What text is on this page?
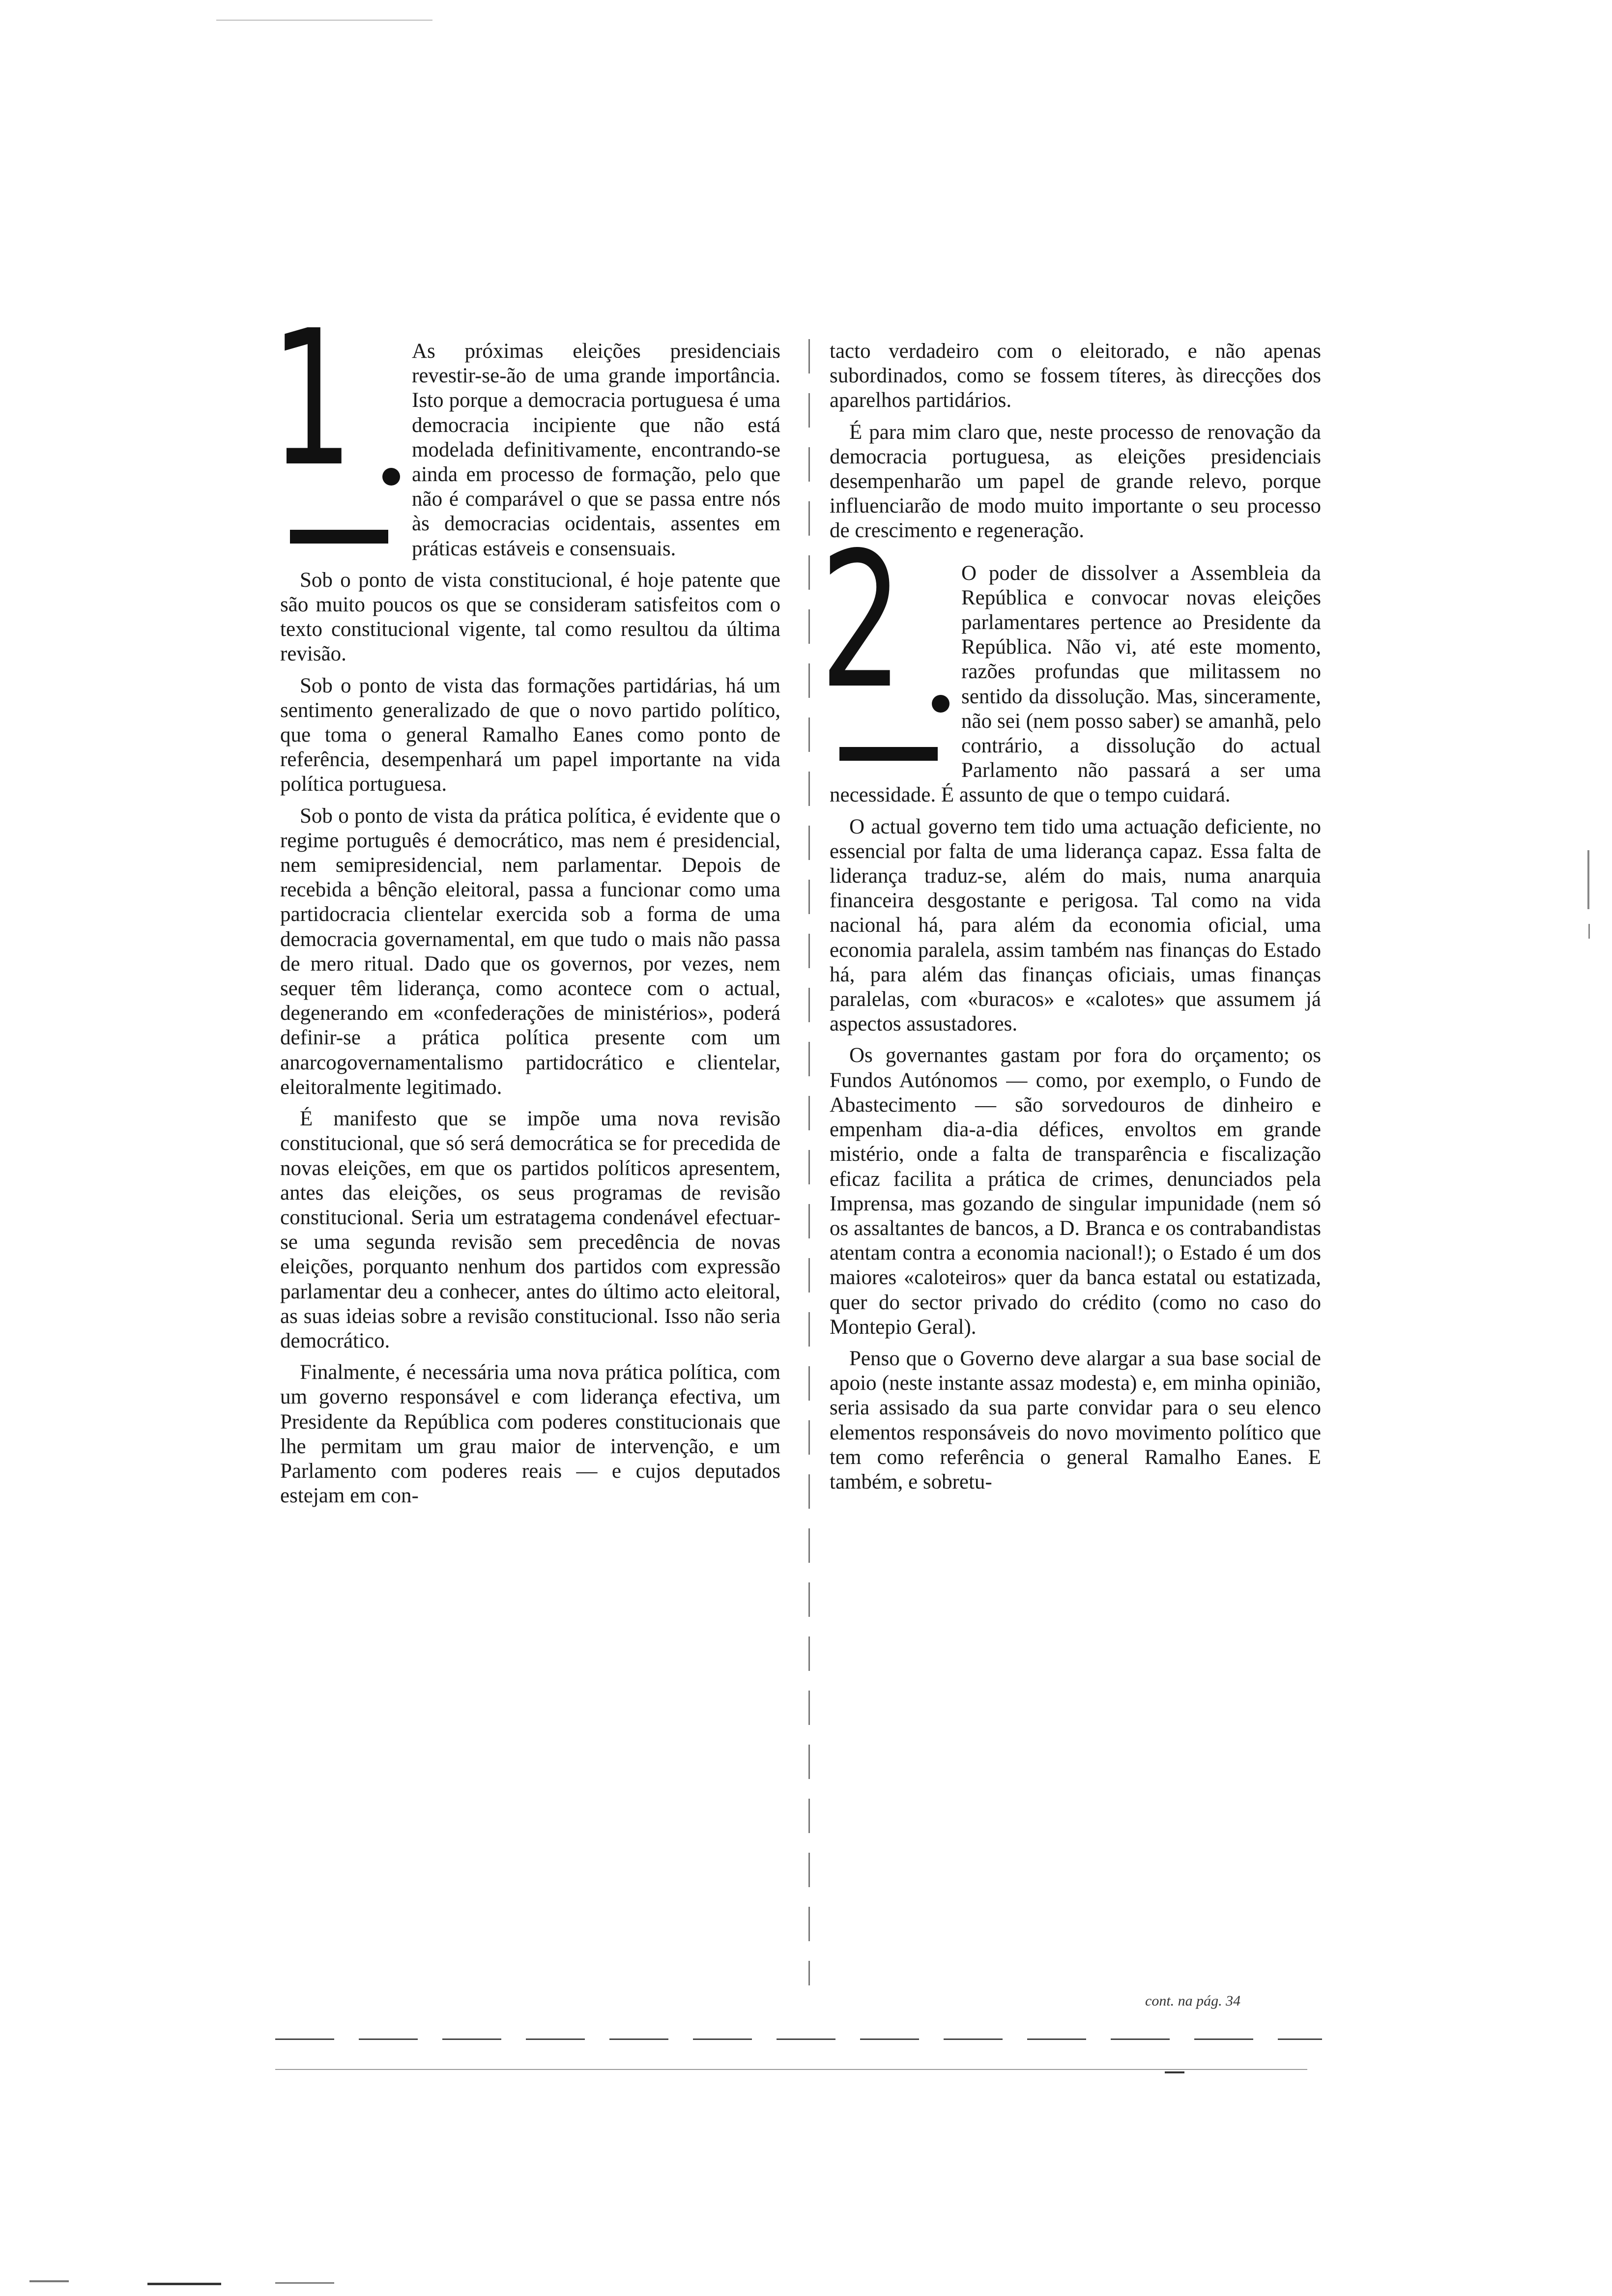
1	As próximas eleições presidenciais revestir-se-ão de uma grande importância. Isto porque a democracia portuguesa é uma democracia incipiente que não está modelada definitivamente, encontrando-se ainda em processo de formação, pelo que não é comparável o que se passa entre nós às democracias ocidentais, assentes em práticas estáveis e consensuais.

Sob o ponto de vista constitucional, é hoje patente que são muito poucos os que se consideram satisfeitos com o texto constitucional vigente, tal como resultou da última revisão.

Sob o ponto de vista das formações partidárias, há um sentimento generalizado de que o novo partido político, que toma o general Ramalho Eanes como ponto de referência, desempenhará um papel importante na vida política portuguesa.

Sob o ponto de vista da prática política, é evidente que o regime português é democrático, mas nem é presidencial, nem semipresidencial, nem parlamentar. Depois de recebida a bênção eleitoral, passa a funcionar como uma partidocracia clientelar exercida sob a forma de uma democracia governamental, em que tudo o mais não passa de mero ritual. Dado que os governos, por vezes, nem sequer têm liderança, como acontece com o actual, degenerando em «confederações de ministérios», poderá definir-se a prática política presente com um anarcogovernamentalismo partidocrático e clientelar, eleitoralmente legitimado.

É manifesto que se impõe uma nova revisão constitucional, que só será democrática se for precedida de novas eleições, em que os partidos políticos apresentem, antes das eleições, os seus programas de revisão constitucional. Seria um estratagema condenável efectuar-se uma segunda revisão sem precedência de novas eleições, porquanto nenhum dos partidos com expressão parlamentar deu a conhecer, antes do último acto eleitoral, as suas ideias sobre a revisão constitucional. Isso não seria democrático.

Finalmente, é necessária uma nova prática política, com um governo responsável e com liderança efectiva, um Presidente da República com poderes constitucionais que lhe permitam um grau maior de intervenção, e um Parlamento com poderes reais — e cujos deputados estejam em con-

tacto verdadeiro com o eleitorado, e não apenas subordinados, como se fossem títeres, às direcções dos aparelhos partidários.

É para mim claro que, neste processo de renovação da democracia portuguesa, as eleições presidenciais desempenharão um papel de grande relevo, porque influenciarão de modo muito importante o seu processo de crescimento e regeneração.

2	O poder de dissolver a Assembleia da República e convocar novas eleições parlamentares pertence ao Presidente da República. Não vi, até este momento, razões profundas que militassem no sentido da dissolução. Mas, sinceramente, não sei (nem posso saber) se amanhã, pelo contrário, a dissolução do actual Parlamento não passará a ser uma necessidade. É assunto de que o tempo cuidará.

O actual governo tem tido uma actuação deficiente, no essencial por falta de uma liderança capaz. Essa falta de liderança traduz-se, além do mais, numa anarquia financeira desgostante e perigosa. Tal como na vida nacional há, para além da economia oficial, uma economia paralela, assim também nas finanças do Estado há, para além das finanças oficiais, umas finanças paralelas, com «buracos» e «calotes» que assumem já aspectos assustadores.

Os governantes gastam por fora do orçamento; os Fundos Autónomos — como, por exemplo, o Fundo de Abastecimento — são sorvedouros de dinheiro e empenham dia-a-dia défices, envoltos em grande mistério, onde a falta de transparência e fiscalização eficaz facilita a prática de crimes, denunciados pela Imprensa, mas gozando de singular impunidade (nem só os assaltantes de bancos, a D. Branca e os contrabandistas atentam contra a economia nacional!); o Estado é um dos maiores «caloteiros» quer da banca estatal ou estatizada, quer do sector privado do crédito (como no caso do Montepio Geral).

Penso que o Governo deve alargar a sua base social de apoio (neste instante assaz modesta) e, em minha opinião, seria assisado da sua parte convidar para o seu elenco elementos responsáveis do novo movimento político que tem como referência o general Ramalho Eanes. E também, e sobretu-

cont. na pág. 34
